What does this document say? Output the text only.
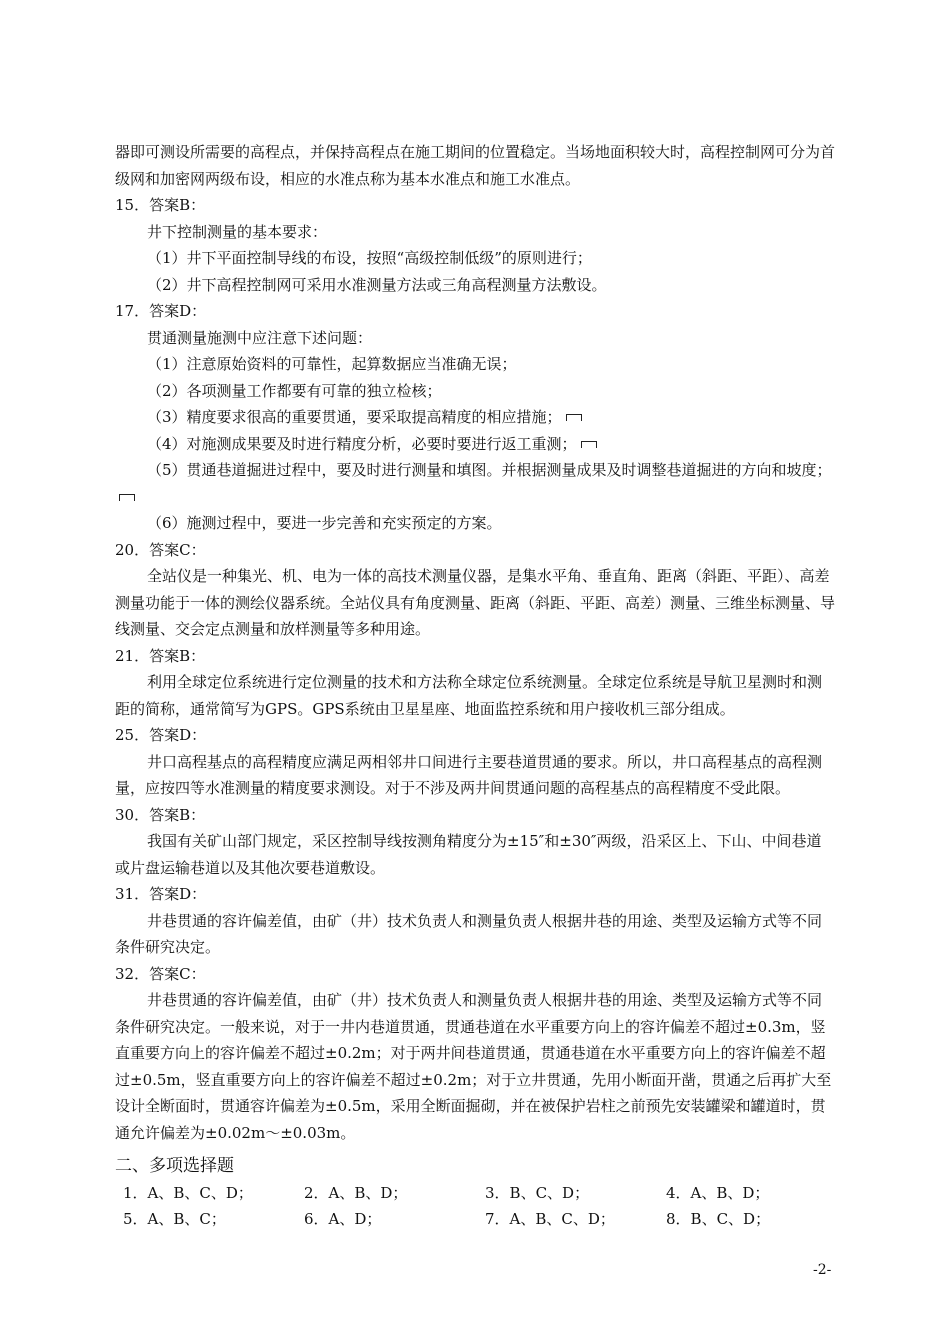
器即可测设所需要的高程点，并保持高程点在施工期间的位置稳定。当场地面积较大时，高程控制网可分为首级网和加密网两级布设，相应的水准点称为基本水准点和施工水准点。

15．答案B：

井下控制测量的基本要求：

（1）井下平面控制导线的布设，按照“高级控制低级”的原则进行；

（2）井下高程控制网可采用水准测量方法或三角高程测量方法敷设。

17．答案D：

贯通测量施测中应注意下述问题：

（1）注意原始资料的可靠性，起算数据应当准确无误；

（2）各项测量工作都要有可靠的独立检核；

（3）精度要求很高的重要贯通，要采取提高精度的相应措施；

（4）对施测成果要及时进行精度分析，必要时要进行返工重测；

（5）贯通巷道掘进过程中，要及时进行测量和填图。并根据测量成果及时调整巷道掘进的方向和坡度；

（6）施测过程中，要进一步完善和充实预定的方案。

20．答案C：

全站仪是一种集光、机、电为一体的高技术测量仪器，是集水平角、垂直角、距离（斜距、平距）、高差测量功能于一体的测绘仪器系统。全站仪具有角度测量、距离（斜距、平距、高差）测量、三维坐标测量、导线测量、交会定点测量和放样测量等多种用途。

21．答案B：

利用全球定位系统进行定位测量的技术和方法称全球定位系统测量。全球定位系统是导航卫星测时和测距的简称，通常简写为GPS。GPS系统由卫星星座、地面监控系统和用户接收机三部分组成。

25．答案D：

井口高程基点的高程精度应满足两相邻井口间进行主要巷道贯通的要求。所以，井口高程基点的高程测量，应按四等水准测量的精度要求测设。对于不涉及两井间贯通问题的高程基点的高程精度不受此限。

30．答案B：

我国有关矿山部门规定，采区控制导线按测角精度分为±15″和±30″两级，沿采区上、下山、中间巷道或片盘运输巷道以及其他次要巷道敷设。

31．答案D：

井巷贯通的容许偏差值，由矿（井）技术负责人和测量负责人根据井巷的用途、类型及运输方式等不同条件研究决定。

32．答案C：

井巷贯通的容许偏差值，由矿（井）技术负责人和测量负责人根据井巷的用途、类型及运输方式等不同条件研究决定。一般来说，对于一井内巷道贯通，贯通巷道在水平重要方向上的容许偏差不超过±0.3m，竖直重要方向上的容许偏差不超过±0.2m；对于两井间巷道贯通，贯通巷道在水平重要方向上的容许偏差不超过±0.5m，竖直重要方向上的容许偏差不超过±0.2m；对于立井贯通，先用小断面开凿，贯通之后再扩大至设计全断面时，贯通容许偏差为±0.5m，采用全断面掘砌，并在被保护岩柱之前预先安装罐梁和罐道时，贯通允许偏差为±0.02m～±0.03m。

二、多项选择题

1．A、B、C、D；	2．A、B、D；	3．B、C、D；	4．A、B、D；
5．A、B、C；	6．A、D；	7．A、B、C、D；	8．B、C、D；
-2-
